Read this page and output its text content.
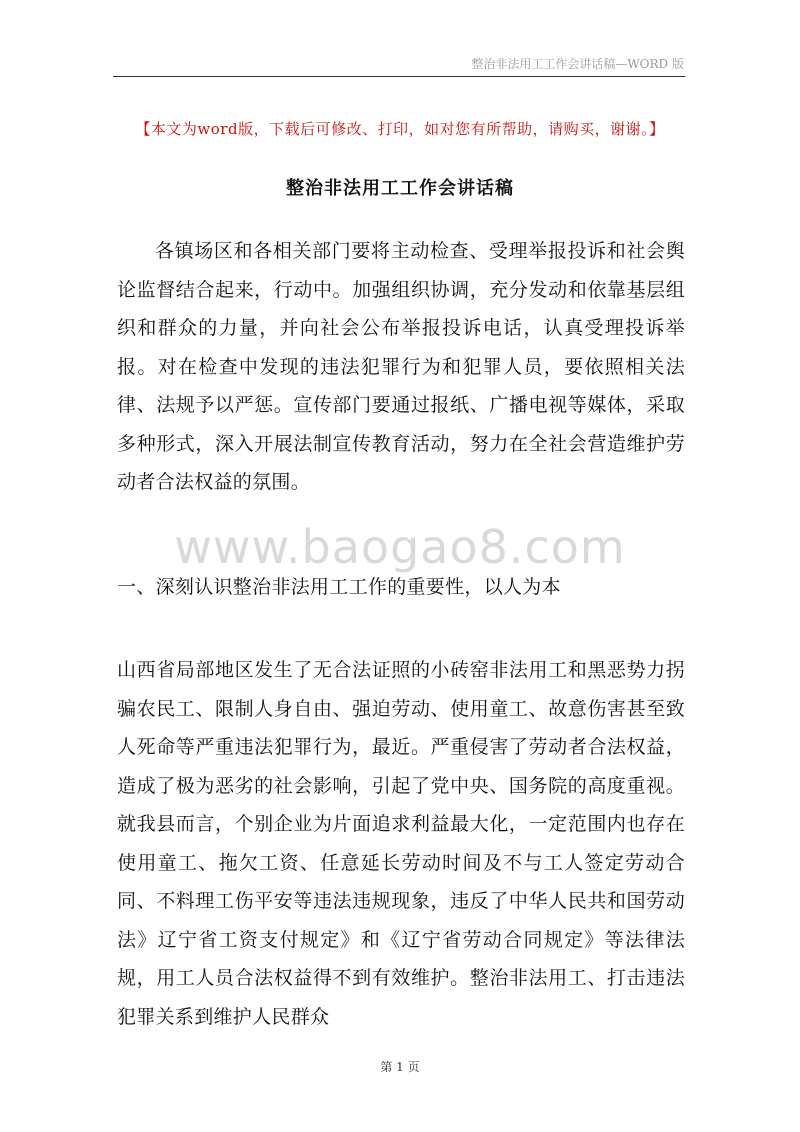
整治非法用工工作会讲话稿—WORD 版
【本文为word版，下载后可修改、打印，如对您有所帮助，请购买，谢谢。】
整治非法用工工作会讲话稿

各镇场区和各相关部门要将主动检查、受理举报投诉和社会舆论监督结合起来，行动中。加强组织协调，充分发动和依靠基层组织和群众的力量，并向社会公布举报投诉电话，认真受理投诉举报。对在检查中发现的违法犯罪行为和犯罪人员，要依照相关法律、法规予以严惩。宣传部门要通过报纸、广播电视等媒体，采取多种形式，深入开展法制宣传教育活动，努力在全社会营造维护劳动者合法权益的氛围。

www.baogao8.com
一、深刻认识整治非法用工工作的重要性，以人为本

山西省局部地区发生了无合法证照的小砖窑非法用工和黑恶势力拐骗农民工、限制人身自由、强迫劳动、使用童工、故意伤害甚至致人死命等严重违法犯罪行为，最近。严重侵害了劳动者合法权益，造成了极为恶劣的社会影响，引起了党中央、国务院的高度重视。就我县而言，个别企业为片面追求利益最大化，一定范围内也存在使用童工、拖欠工资、任意延长劳动时间及不与工人签定劳动合同、不料理工伤平安等违法违规现象，违反了中华人民共和国劳动法》辽宁省工资支付规定》和《辽宁省劳动合同规定》等法律法规，用工人员合法权益得不到有效维护。整治非法用工、打击违法犯罪关系到维护人民群众

第 1 页
